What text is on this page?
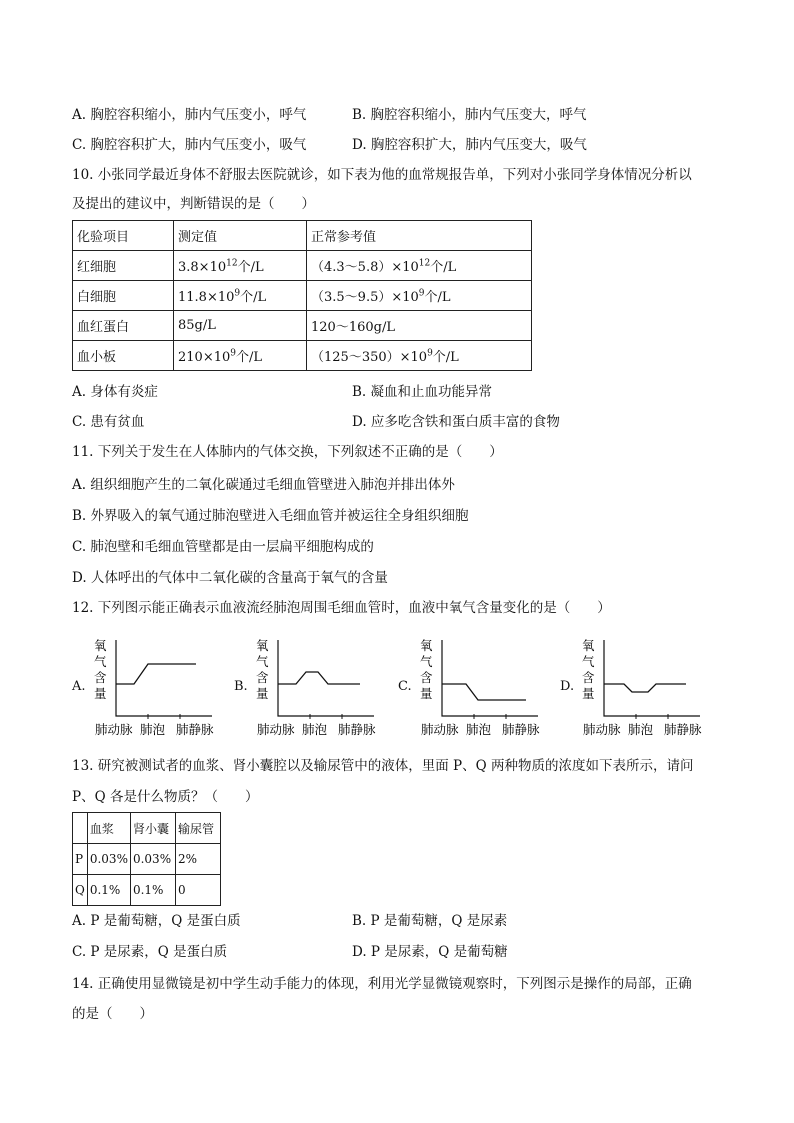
A. 胸腔容积缩小，肺内气压变小，呼气	B. 胸腔容积缩小，肺内气压变大，呼气
C. 胸腔容积扩大，肺内气压变小，吸气	D. 胸腔容积扩大，肺内气压变大，吸气
10. 小张同学最近身体不舒服去医院就诊，如下表为他的血常规报告单，下列对小张同学身体情况分析以
及提出的建议中，判断错误的是（　　）
化验项目	测定值	正常参考值
红细胞	$3.8\times 10^{12}$个/L	$(4.3\sim 5.8)\times 10^{12}$个/L
白细胞	$11.8\times 10^9$个/L	$(3.5\sim 9.5)\times 10^9$个/L
血红蛋白	85g/L	120～160g/L
血小板	$210\times 10^9$个/L	$(125\sim 350)\times 10^9$个/L
A. 身体有炎症	B. 凝血和止血功能异常
C. 患有贫血	D. 应多吃含铁和蛋白质丰富的食物
11. 下列关于发生在人体肺内的气体交换，下列叙述不正确的是（　　）
A. 组织细胞产生的二氧化碳通过毛细血管壁进入肺泡并排出体外
B. 外界吸入的氧气通过肺泡壁进入毛细血管并被运往全身组织细胞
C. 肺泡壁和毛细血管壁都是由一层扁平细胞构成的
D. 人体呼出的气体中二氧化碳的含量高于氧气的含量
12. 下列图示能正确表示血液流经肺泡周围毛细血管时，血液中氧气含量变化的是（　　）
A.	B.	C.	D.
氧
气
含
量
肺动脉 肺泡 肺静脉
氧
气
含
量
肺动脉 肺泡 肺静脉
氧
气
含
量
肺动脉 肺泡 肺静脉
氧
气
含
量
肺动脉 肺泡 肺静脉
13. 研究被测试者的血浆、肾小囊腔以及输尿管中的液体，里面 P、Q 两种物质的浓度如下表所示，请问
P、Q 各是什么物质？（　　）
	血浆	肾小囊	输尿管
P	0.03%	0.03%	2%
Q	0.1%	0.1%	0
A. P 是葡萄糖，Q 是蛋白质	B. P 是葡萄糖，Q 是尿素
C. P 是尿素，Q 是蛋白质	D. P 是尿素，Q 是葡萄糖
14. 正确使用显微镜是初中学生动手能力的体现，利用光学显微镜观察时，下列图示是操作的局部，正确
的是（　　）
